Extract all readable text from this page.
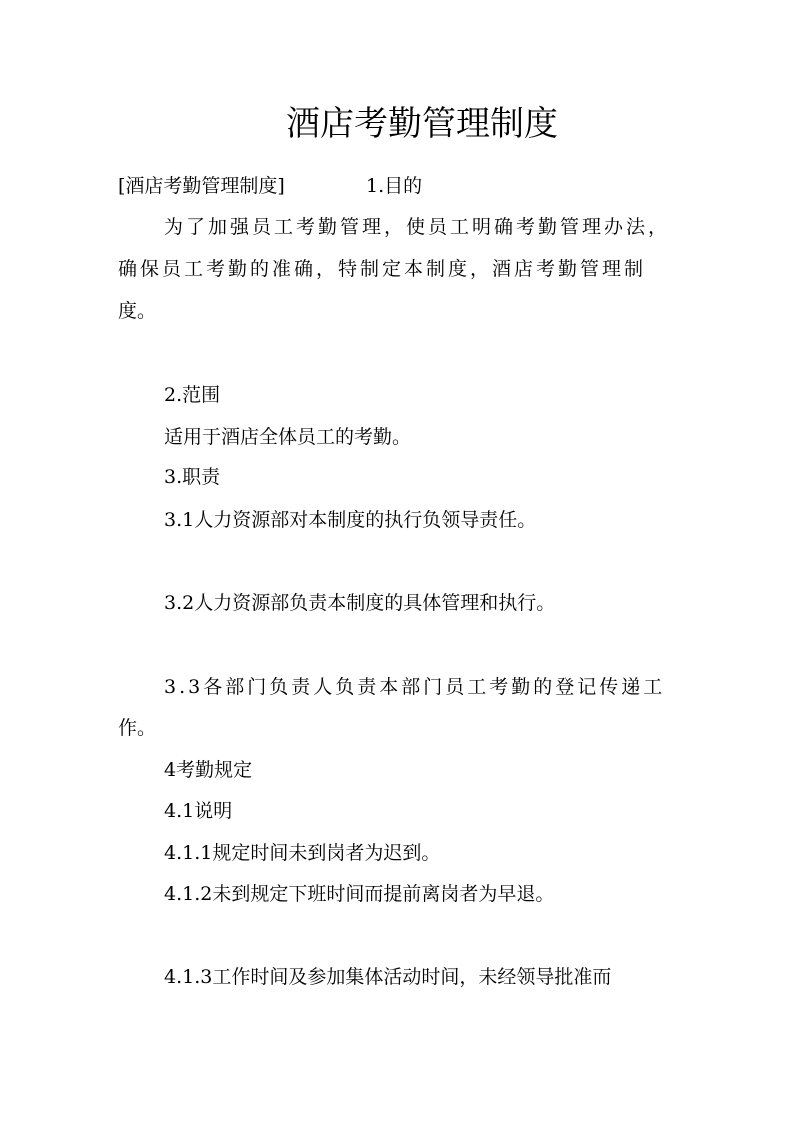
酒店考勤管理制度
[酒店考勤管理制度]	1.目的
为了加强员工考勤管理，使员工明确考勤管理办法，
确保员工考勤的准确，特制定本制度，酒店考勤管理制
度。
2.范围
适用于酒店全体员工的考勤。
3.职责
3.1人力资源部对本制度的执行负领导责任。
3.2人力资源部负责本制度的具体管理和执行。
3.3各部门负责人负责本部门员工考勤的登记传递工
作。
4考勤规定
4.1说明
4.1.1规定时间未到岗者为迟到。
4.1.2未到规定下班时间而提前离岗者为早退。
4.1.3工作时间及参加集体活动时间，未经领导批准而
